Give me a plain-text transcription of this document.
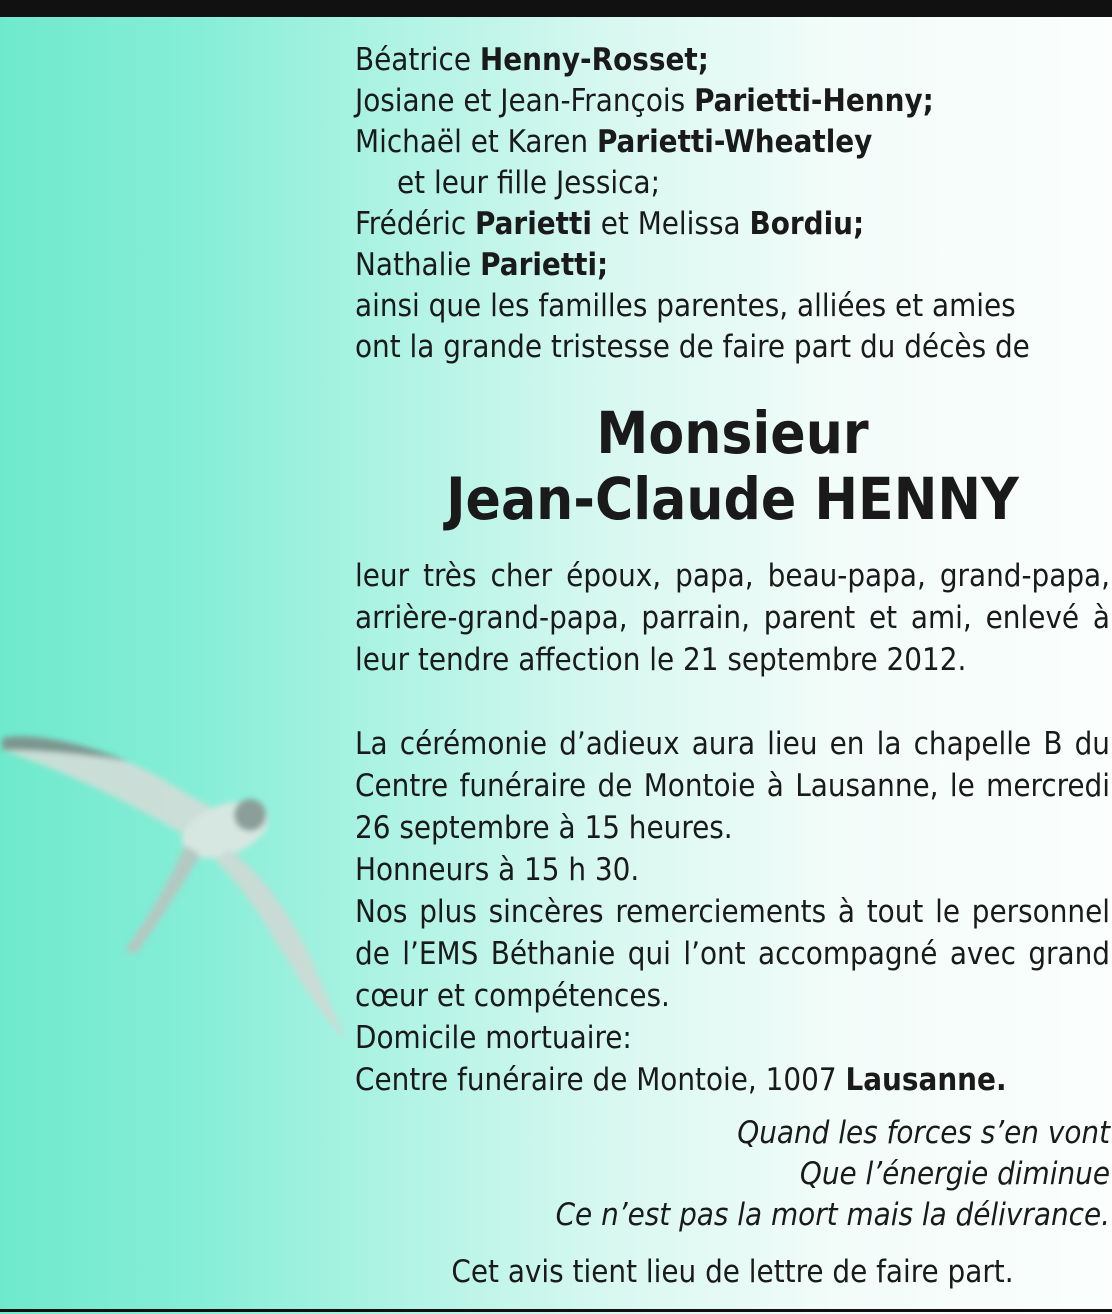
Béatrice Henny-Rosset;
Josiane et Jean-François Parietti-Henny;
Michaël et Karen Parietti-Wheatley
et leur fille Jessica;
Frédéric Parietti et Melissa Bordiu;
Nathalie Parietti;
ainsi que les familles parentes, alliées et amies
ont la grande tristesse de faire part du décès de
Monsieur
Jean-Claude HENNY
leur très cher époux, papa, beau-papa, grand-papa, arrière-grand-papa, parrain, parent et ami, enlevé à leur tendre affection le 21 septembre 2012.
La cérémonie d’adieux aura lieu en la chapelle B du Centre funéraire de Montoie à Lausanne, le mercredi 26 septembre à 15 heures.
Honneurs à 15 h 30.
Nos plus sincères remerciements à tout le personnel de l’EMS Béthanie qui l’ont accompagné avec grand cœur et compétences.
Domicile mortuaire:
Centre funéraire de Montoie, 1007 Lausanne.
Quand les forces s’en vont
Que l’énergie diminue
Ce n’est pas la mort mais la délivrance.
Cet avis tient lieu de lettre de faire part.
